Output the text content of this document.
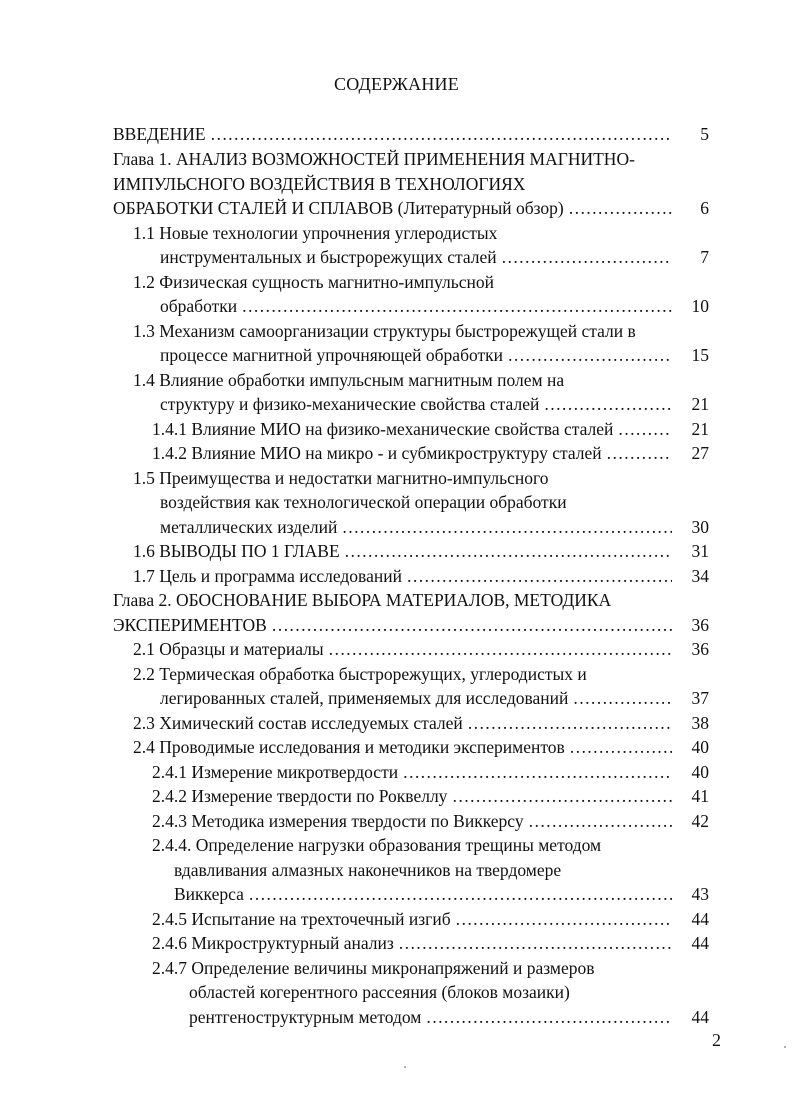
СОДЕРЖАНИЕ
ВВЕДЕНИЕ ………………………………………………………………………………………………………………………………	5
Глава 1. АНАЛИЗ ВОЗМОЖНОСТЕЙ ПРИМЕНЕНИЯ МАГНИТНО-
ИМПУЛЬСНОГО ВОЗДЕЙСТВИЯ В ТЕХНОЛОГИЯХ
ОБРАБОТКИ СТАЛЕЙ И СПЛАВОВ (Литературный обзор) ………………………………………………………………………………………………………………………………	6
1.1 Новые технологии упрочнения углеродистых
инструментальных и быстрорежущих сталей ………………………………………………………………………………………………………………………………	7
1.2 Физическая сущность магнитно-импульсной
обработки ………………………………………………………………………………………………………………………………	10
1.3 Механизм самоорганизации структуры быстрорежущей стали в
процессе магнитной упрочняющей обработки ………………………………………………………………………………………………………………………………	15
1.4 Влияние обработки импульсным магнитным полем на
структуру и физико-механические свойства сталей ………………………………………………………………………………………………………………………………	21
1.4.1 Влияние МИО на физико-механические свойства сталей ………………………………………………………………………………………………………………………………	21
1.4.2 Влияние МИО на микро - и субмикроструктуру сталей ………………………………………………………………………………………………………………………………	27
1.5 Преимущества и недостатки магнитно-импульсного
воздействия как технологической операции обработки
металлических изделий ………………………………………………………………………………………………………………………………	30
1.6 ВЫВОДЫ ПО 1 ГЛАВЕ ………………………………………………………………………………………………………………………………	31
1.7 Цель и программа исследований ………………………………………………………………………………………………………………………………	34
Глава 2. ОБОСНОВАНИЕ ВЫБОРА МАТЕРИАЛОВ, МЕТОДИКА
ЭКСПЕРИМЕНТОВ ………………………………………………………………………………………………………………………………	36
2.1 Образцы и материалы ………………………………………………………………………………………………………………………………	36
2.2 Термическая обработка быстрорежущих, углеродистых и
легированных сталей, применяемых для исследований ………………………………………………………………………………………………………………………………	37
2.3 Химический состав исследуемых сталей ………………………………………………………………………………………………………………………………	38
2.4 Проводимые исследования и методики экспериментов ………………………………………………………………………………………………………………………………	40
2.4.1 Измерение микротвердости ………………………………………………………………………………………………………………………………	40
2.4.2 Измерение твердости по Роквеллу ………………………………………………………………………………………………………………………………	41
2.4.3 Методика измерения твердости по Виккерсу ………………………………………………………………………………………………………………………………	42
2.4.4. Определение нагрузки образования трещины методом
вдавливания алмазных наконечников на твердомере
Виккерса ………………………………………………………………………………………………………………………………	43
2.4.5 Испытание на трехточечный изгиб ………………………………………………………………………………………………………………………………	44
2.4.6 Микроструктурный анализ ………………………………………………………………………………………………………………………………	44
2.4.7 Определение величины микронапряжений и размеров
областей когерентного рассеяния (блоков мозаики)
рентгеноструктурным методом ………………………………………………………………………………………………………………………………	44
2
